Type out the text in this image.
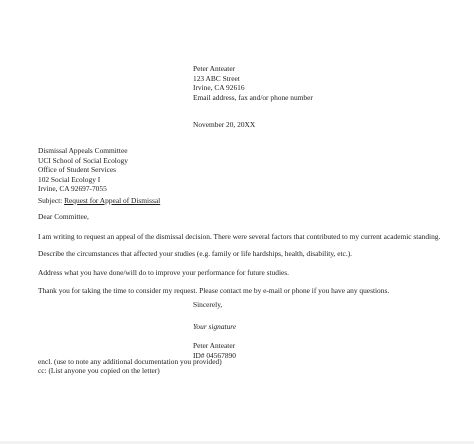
Peter Anteater
123 ABC Street
Irvine, CA 92616
Email address, fax and/or phone number
November 20, 20XX
Dismissal Appeals Committee
UCI School of Social Ecology
Office of Student Services
102 Social Ecology I
Irvine, CA 92697-7055
Subject: Request for Appeal of Dismissal
Dear Committee,
I am writing to request an appeal of the dismissal decision. There were several factors that contributed to my current academic standing.
Describe the circumstances that affected your studies (e.g. family or life hardships, health, disability, etc.).
Address what you have done/will do to improve your performance for future studies.
Thank you for taking the time to consider my request. Please contact me by e-mail or phone if you have any questions.
Sincerely,
Your signature
Peter Anteater
ID# 04567890
encl. (use to note any additional documentation you provided)
cc: (List anyone you copied on the letter)
